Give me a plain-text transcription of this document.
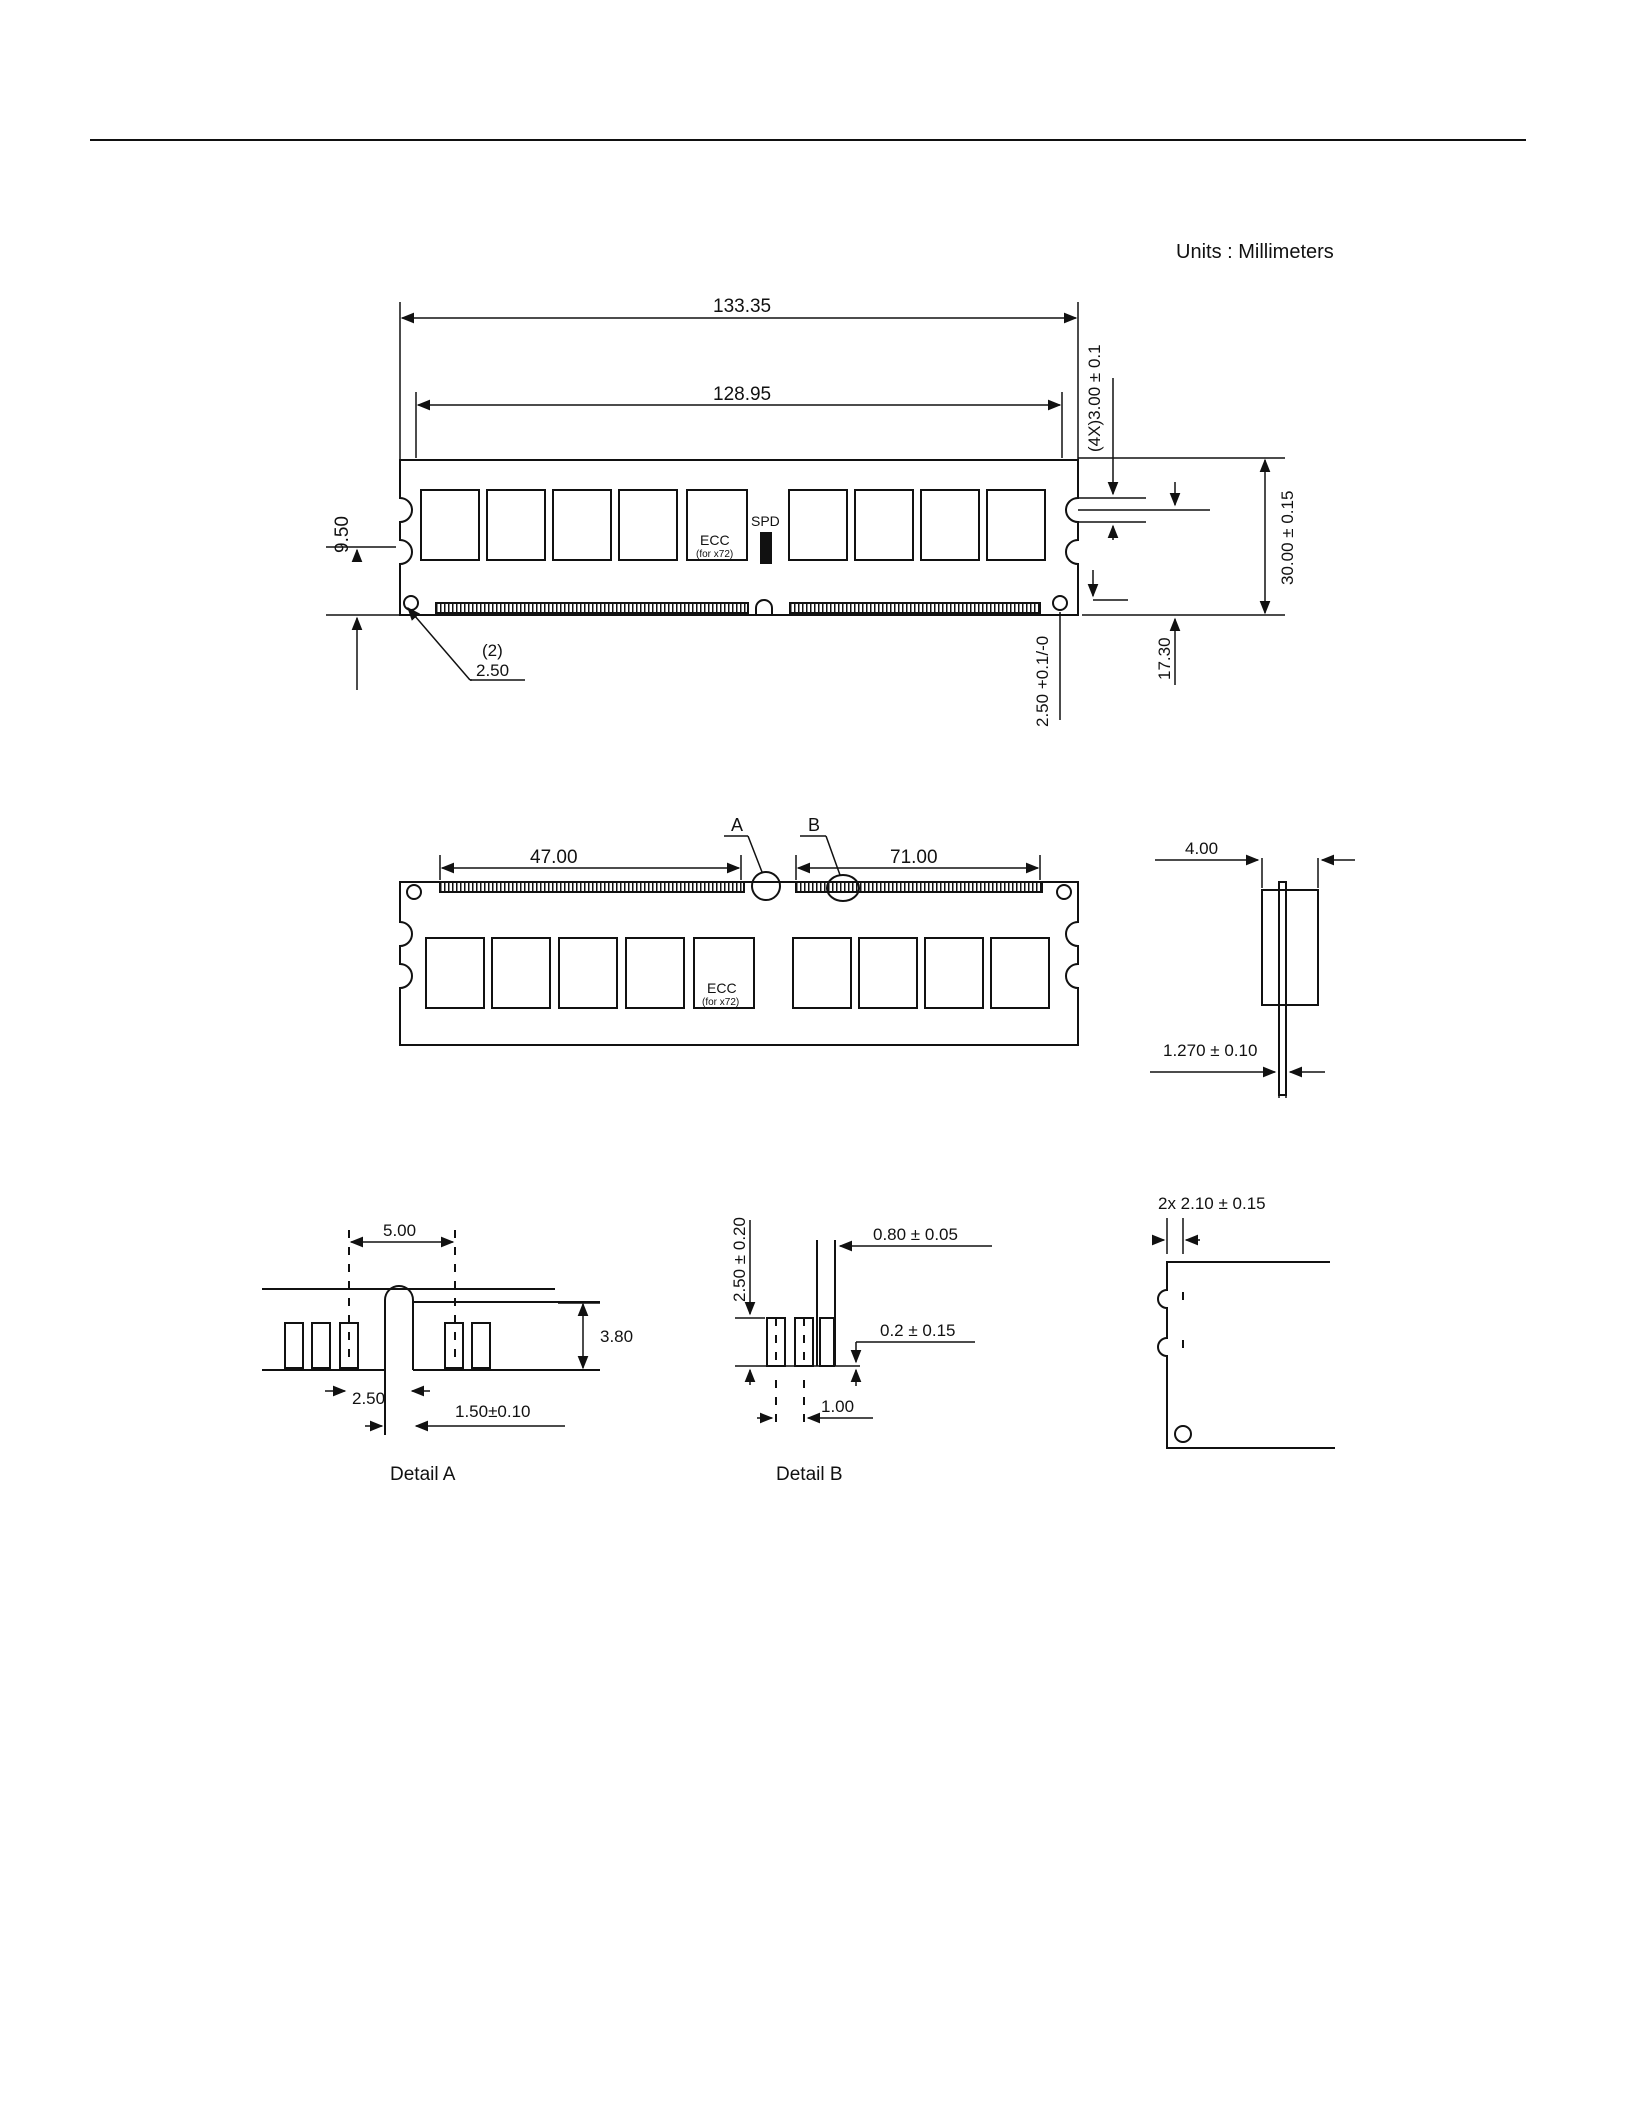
Units : Millimeters
133.35
128.95
ECC
(for x72)
SPD
9.50
(2)
2.50	2.50 +0.1/-0
(4X)3.00 ± 0.1
30.00 ± 0.15
17.30
ECC
(for x72)
47.00	71.00
A	B
4.00
1.270 ± 0.10
5.00
3.80
2.50
1.50±0.10
Detail A
2.50 ± 0.20	0.80 ± 0.05
0.2 ± 0.15
1.00
Detail B
2x 2.10 ± 0.15
